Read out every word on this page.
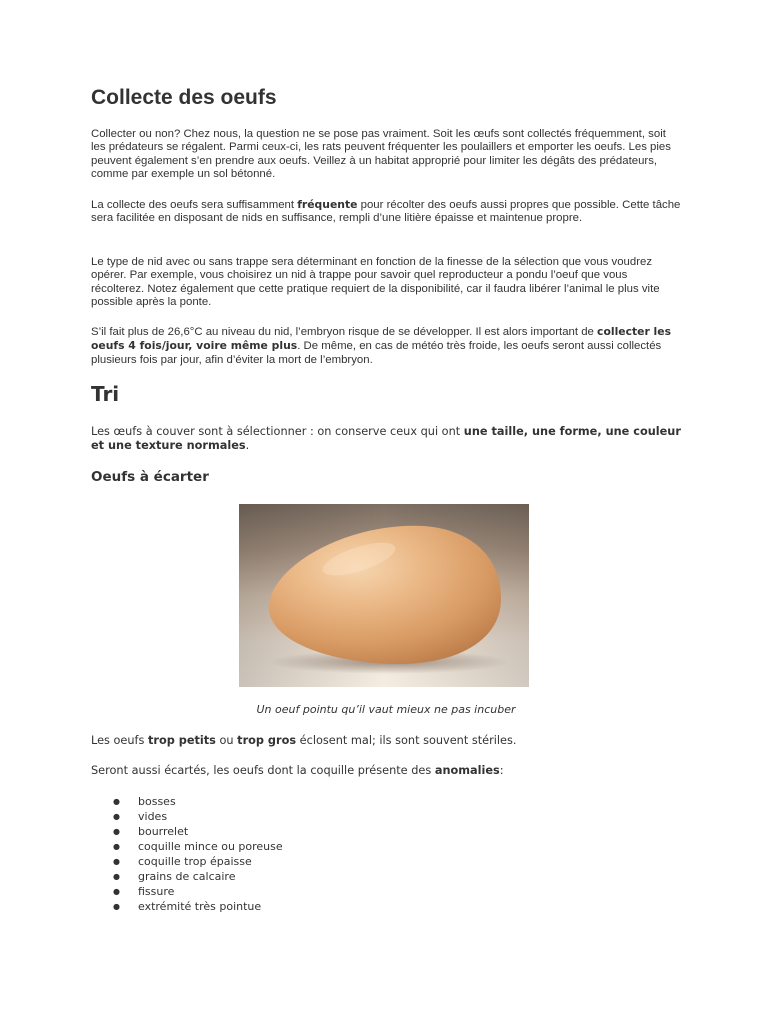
Collecte des oeufs
Collecter ou non? Chez nous, la question ne se pose pas vraiment. Soit les œufs sont collectés fréquemment, soit les prédateurs se régalent. Parmi ceux-ci, les rats peuvent fréquenter les poulaillers et emporter les oeufs. Les pies peuvent également s’en prendre aux oeufs. Veillez à un habitat approprié pour limiter les dégâts des prédateurs, comme par exemple un sol bétonné.
La collecte des oeufs sera suffisamment fréquente pour récolter des oeufs aussi propres que possible. Cette tâche sera facilitée en disposant de nids en suffisance, rempli d’une litière épaisse et maintenue propre.
Le type de nid avec ou sans trappe sera déterminant en fonction de la finesse de la sélection que vous voudrez opérer. Par exemple, vous choisirez un nid à trappe pour savoir quel reproducteur a pondu l’oeuf que vous récolterez. Notez également que cette pratique requiert de la disponibilité, car il faudra libérer l’animal le plus vite possible après la ponte.
S’il fait plus de 26,6°C au niveau du nid, l’embryon risque de se développer. Il est alors important de collecter les oeufs 4 fois/jour, voire même plus. De même, en cas de météo très froide, les oeufs seront aussi collectés plusieurs fois par jour, afin d’éviter la mort de l’embryon.
Tri
Les œufs à couver sont à sélectionner : on conserve ceux qui ont une taille, une forme, une couleur et une texture normales.
Oeufs à écarter
Un oeuf pointu qu’il vaut mieux ne pas incuber
Les oeufs trop petits ou trop gros éclosent mal; ils sont souvent stériles.
Seront aussi écartés, les oeufs dont la coquille présente des anomalies:
● bosses
● vides
● bourrelet
● coquille mince ou poreuse
● coquille trop épaisse
● grains de calcaire
● fissure
● extrémité très pointue
